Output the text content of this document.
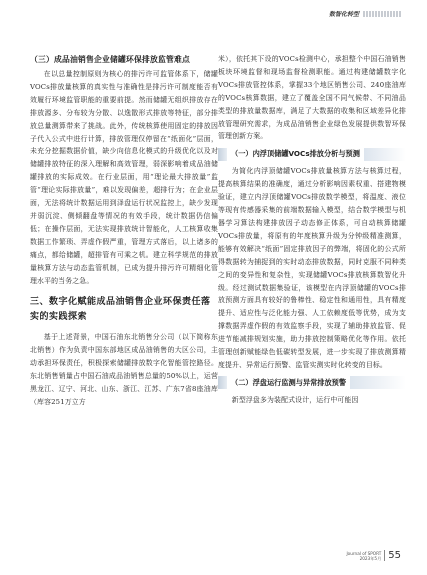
数智化转型
（三）成品油销售企业储罐环保排放监管难点

在以总量控制原则为核心的排污许可监管体系下，储罐VOCs排放量核算的真实性与准确性是排污许可制度能否有效履行环境监管职能的重要前提。然而储罐无组织排放存在排放源多、分布较为分散、以逸散形式排放等特征，部分排放总量测算带来了挑战。此外，传统核算使用固定的排放因子代入公式中进行计算，排放管理仅停留在“纸面化”层面，未充分挖掘数据价值，缺少向信息化模式的升级优化以及对储罐排放特征的深入理解和高效管理，弱深影响着成品油储罐排放的实际成效。在行业层面，用“理论最大排放量”监管“理论实际排放量”，难以发现偏差，超排行为；在企业层面，无法将统计数据运用到泽盘运行状况监控上，缺少发现并弱沉淀、侧倾翻盘等情况的有效手段，统计数据仍信偏低；在操作层面，无法实现排放统计智能化，人工核算收集数据工作繁琐、弄虚作假严重，管理方式落后，以上诸多的痛点，都给储罐，超排管有可乘之机。建立科学规范的排放量核算方法与动态监管机制，已成为提升排污许可精细化管理水平的当务之急。

三、数字化赋能成品油销售企业环保责任落实的实践探索

基于上述背景，中国石油东北销售分公司（以下简称东北销售）作为负责中国东部地区成品油销售的大区公司，主动承担环保责任，积极探索储罐排放数字化智能管控路径。东北销售销量占中国石油成品油销售总量的50%以上，运营黑龙江、辽宁、河北、山东、浙江、江苏、广东7省8座油库（库容251万立方

米），依托其下设的VOCs检测中心，承担整个中国石油销售板块环境监督和现场监督检测职能。通过构建储罐数字化VOCs排放管控体系，掌握33个地区销售公司、240座油库的VOCs核算数据，建立了覆盖全国不同气候带、不同油品类型的排放量数据库，满足了大数据的收集和区域差异化排放管理研究需求，为成品油销售企业绿色发展提供数智环保管理创新方案。

（一）内浮顶储罐VOCs排放分析与预测

为简化内浮顶储罐VOCs排放量核算方法与核算过程，提高核算结果的准确度，通过分析影响因素权重、搭建物模验证，建立内浮顶储罐VOCs排放数学模型，将温度、液位等现有传感器采集的前端数据输入模型，结合数学模型与机器学习算法构建排放因子动态修正体系，可自动核算储罐VOCs排放量，将原有的年度核算升级为分钟级精准测算，能够有效解决“纸面”固定排放因子的弊端，将固化的公式所得数据转为捕捉到的实时动态排放数据，同时克服不同种类之间的变异性和复杂性，实现储罐VOCs排放核算数智化升级。经过测试数据集验证，该模型在内浮顶储罐的VOCs排放预测方面具有较好的鲁棒性、稳定性和通用性，具有精度提升、适应性与泛化能力强、人工依赖度低等优势，成为支撑数据弄虚作假的有效监察手段，实现了辅助排放监管、促进节能减排规划实施，助力排放控制策略优化等作用。依托管理创新赋能绿色低碳转型发展，进一步实现了排放测算精度提升、异常运行预警、监管实测实时化转变的目标。

（二）浮盘运行监测与异常排放预警

新型浮盘多为装配式设计，运行中可能因

Journal of SPORT
2023年5月 55
